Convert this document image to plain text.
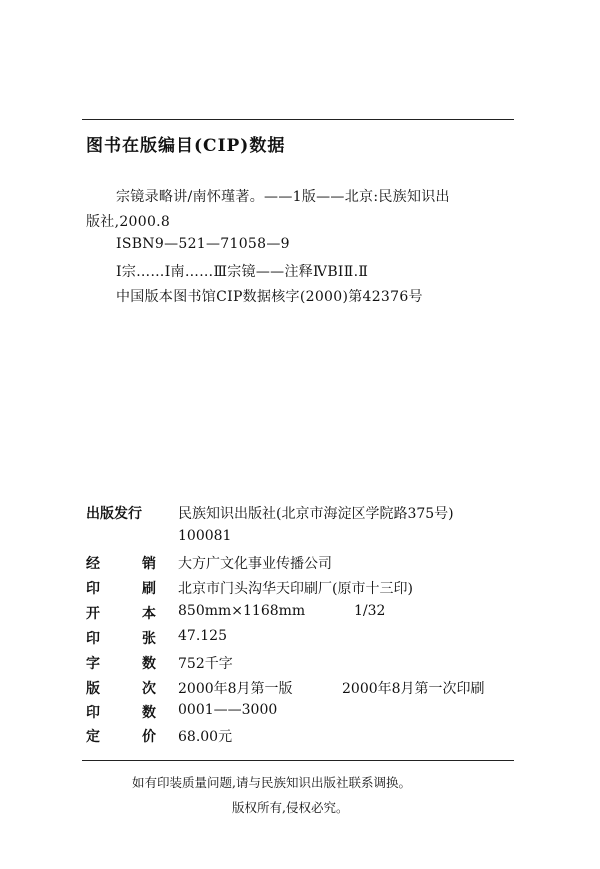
图书在版编目(CIP)数据
宗镜录略讲/南怀瑾著。——1版——北京:民族知识出
版社,2000.8
ISBN9—521—71058—9
Ⅰ宗……Ⅰ南……Ⅲ宗镜——注释ⅣBIⅡ.Ⅱ
中国版本图书馆CIP数据核字(2000)第42376号
出版发行	民族知识出版社(北京市海淀区学院路375号)
100081
经	销 大方广文化事业传播公司
印	刷 北京市门头沟华天印刷厂(原市十三印)
开	本 850mm×1168mm	1/32
印	张 47.125
字	数 752千字
版	次 2000年8月第一版	2000年8月第一次印刷
印	数 0001——3000
定	价 68.00元
如有印装质量问题,请与民族知识出版社联系调换。
版权所有,侵权必究。
